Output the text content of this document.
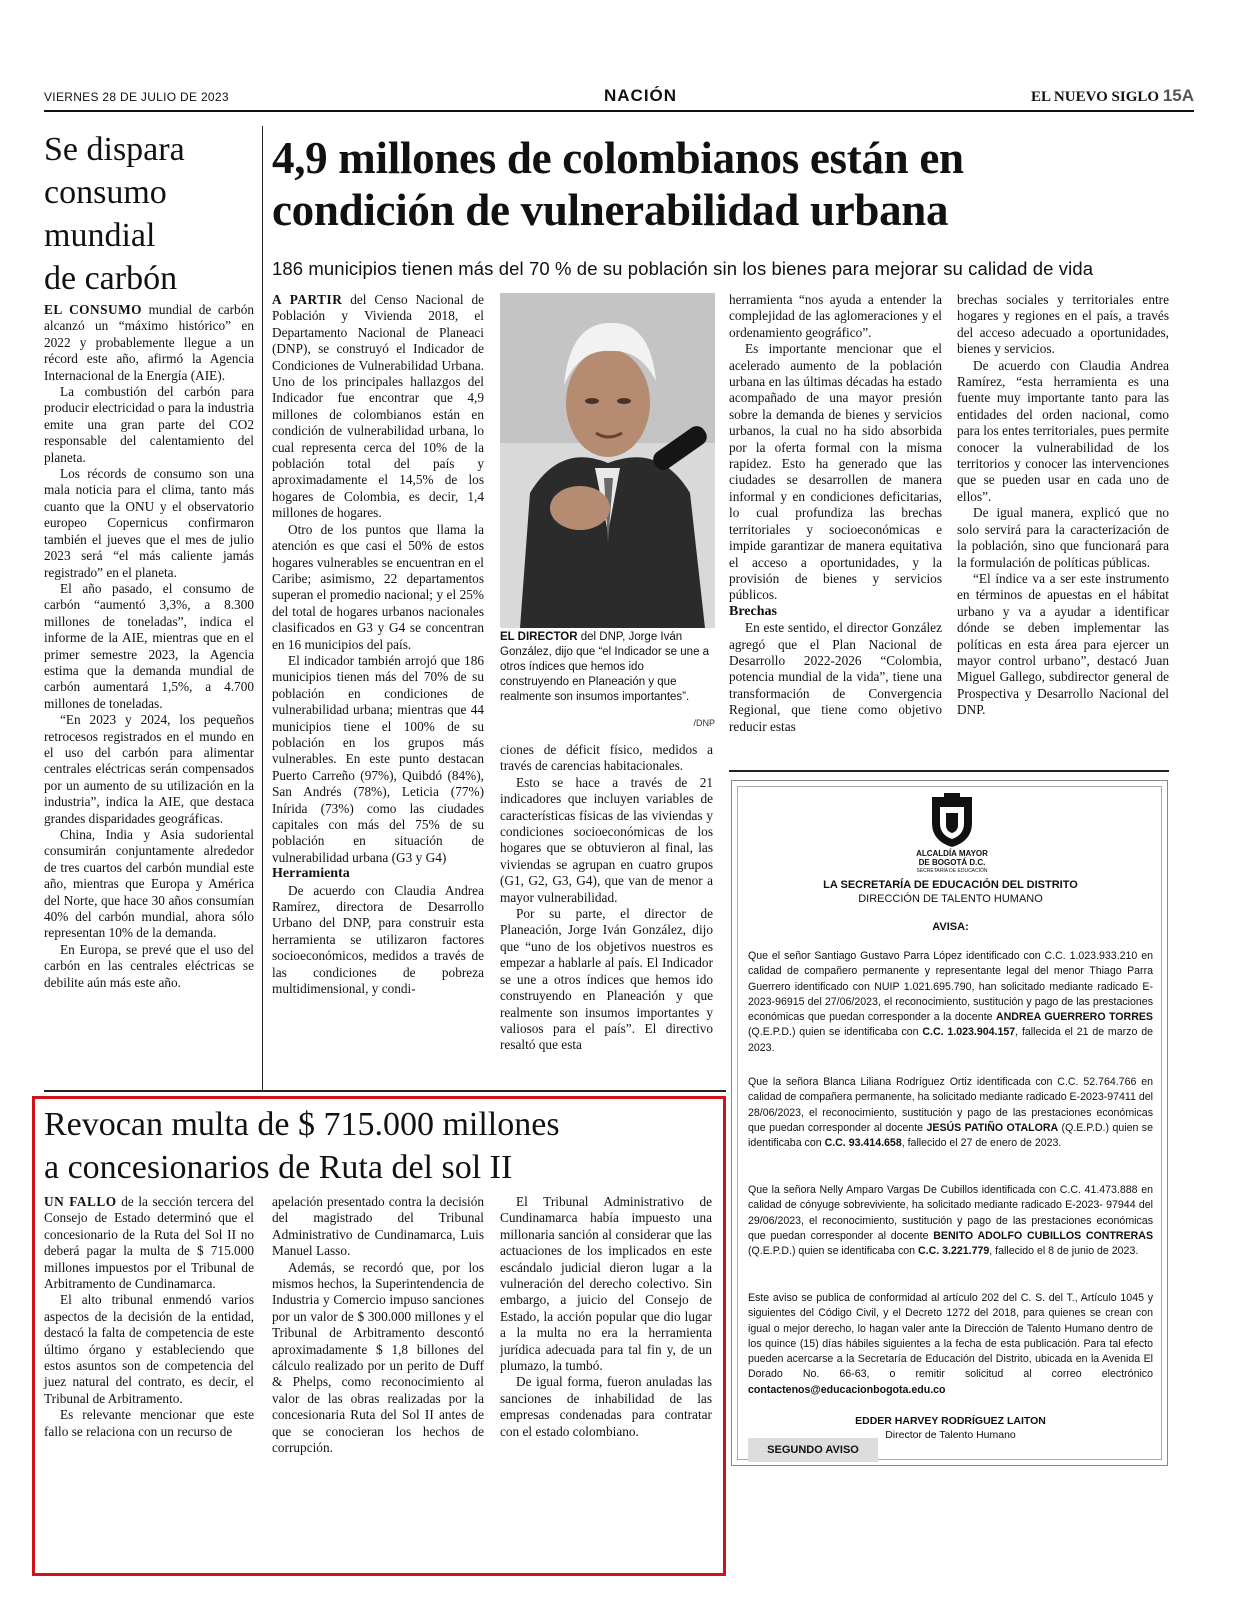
VIERNES 28 DE JULIO DE 2023	NACIÓN	EL NUEVO SIGLO 15A
Se dispara
consumo
mundial
de carbón

EL CONSUMO mundial de carbón alcanzó un “máximo histórico” en 2022 y probablemente llegue a un récord este año, afirmó la Agencia Internacional de la Energía (AIE).

La combustión del carbón para producir electricidad o para la industria emite una gran parte del CO2 responsable del calentamiento del planeta.

Los récords de consumo son una mala noticia para el clima, tanto más cuanto que la ONU y el observatorio europeo Copernicus confirmaron también el jueves que el mes de julio 2023 será “el más caliente jamás registrado” en el planeta.

El año pasado, el consumo de carbón “aumentó 3,3%, a 8.300 millones de toneladas”, indica el informe de la AIE, mientras que en el primer semestre 2023, la Agencia estima que la demanda mundial de carbón aumentará 1,5%, a 4.700 millones de toneladas.

“En 2023 y 2024, los pequeños retrocesos registrados en el mundo en el uso del carbón para alimentar centrales eléctricas serán compensados por un aumento de su utilización en la industria”, indica la AIE, que destaca grandes disparidades geográficas.

China, India y Asia sudoriental consumirán conjuntamente alrededor de tres cuartos del carbón mundial este año, mientras que Europa y América del Norte, que hace 30 años consumían 40% del carbón mundial, ahora sólo representan 10% de la demanda.

En Europa, se prevé que el uso del carbón en las centrales eléctricas se debilite aún más este año.

4,9 millones de colombianos están en
condición de vulnerabilidad urbana
186 municipios tienen más del 70 % de su población sin los bienes para mejorar su calidad de vida

A PARTIR del Censo Nacional de Población y Vivienda 2018, el Departamento Nacional de Planeaci (DNP), se construyó el Indicador de Condiciones de Vulnerabilidad Urbana. Uno de los principales hallazgos del Indicador fue encontrar que 4,9 millones de colombianos están en condición de vulnerabilidad urbana, lo cual representa cerca del 10% de la población total del país y aproximadamente el 14,5% de los hogares de Colombia, es decir, 1,4 millones de hogares.

Otro de los puntos que llama la atención es que casi el 50% de estos hogares vulnerables se encuentran en el Caribe; asimismo, 22 departamentos superan el promedio nacional; y el 25% del total de hogares urbanos nacionales clasificados en G3 y G4 se concentran en 16 municipios del país.

El indicador también arrojó que 186 municipios tienen más del 70% de su población en condiciones de vulnerabilidad urbana; mientras que 44 municipios tiene el 100% de su población en los grupos más vulnerables. En este punto destacan Puerto Carreño (97%), Quibdó (84%), San Andrés (78%), Leticia (77%) Inírida (73%) como las ciudades capitales con más del 75% de su población en situación de vulnerabilidad urbana (G3 y G4)

Herramienta

De acuerdo con Claudia Andrea Ramírez, directora de Desarrollo Urbano del DNP, para construir esta herramienta se utilizaron factores socioeconómicos, medidos a través de las condiciones de pobreza multidimensional, y condi-

/DNP
EL DIRECTOR del DNP, Jorge Iván González, dijo que “el Indicador se une a otros índices que hemos ido construyendo en Planeación y que realmente son insumos importantes”.

ciones de déficit físico, medidos a través de carencias habitacionales.

Esto se hace a través de 21 indicadores que incluyen variables de características físicas de las viviendas y condiciones socioeconómicas de los hogares que se obtuvieron al final, las viviendas se agrupan en cuatro grupos (G1, G2, G3, G4), que van de menor a mayor vulnerabilidad.

Por su parte, el director de Planeación, Jorge Iván González, dijo que “uno de los objetivos nuestros es empezar a hablarle al país. El Indicador se une a otros índices que hemos ido construyendo en Planeación y que realmente son insumos importantes y valiosos para el país”. El directivo resaltó que esta

herramienta “nos ayuda a entender la complejidad de las aglomeraciones y el ordenamiento geográfico”.

Es importante mencionar que el acelerado aumento de la población urbana en las últimas décadas ha estado acompañado de una mayor presión sobre la demanda de bienes y servicios urbanos, la cual no ha sido absorbida por la oferta formal con la misma rapidez. Esto ha generado que las ciudades se desarrollen de manera informal y en condiciones deficitarias, lo cual profundiza las brechas territoriales y socioeconómicas e impide garantizar de manera equitativa el acceso a oportunidades, y la provisión de bienes y servicios públicos.

Brechas

En este sentido, el director González agregó que el Plan Nacional de Desarrollo 2022-2026 “Colombia, potencia mundial de la vida”, tiene una transformación de Convergencia Regional, que tiene como objetivo reducir estas

brechas sociales y territoriales entre hogares y regiones en el país, a través del acceso adecuado a oportunidades, bienes y servicios.

De acuerdo con Claudia Andrea Ramírez, “esta herramienta es una fuente muy importante tanto para las entidades del orden nacional, como para los entes territoriales, pues permite conocer la vulnerabilidad de los territorios y conocer las intervenciones que se pueden usar en cada uno de ellos”.

De igual manera, explicó que no solo servirá para la caracterización de la población, sino que funcionará para la formulación de políticas públicas.

“El índice va a ser este instrumento en términos de apuestas en el hábitat urbano y va a ayudar a identificar dónde se deben implementar las políticas en esta área para ejercer un mayor control urbano”, destacó Juan Miguel Gallego, subdirector general de Prospectiva y Desarrollo Nacional del DNP.

Revocan multa de $ 715.000 millones
a concesionarios de Ruta del sol II

UN FALLO de la sección tercera del Consejo de Estado determinó que el concesionario de la Ruta del Sol II no deberá pagar la multa de $ 715.000 millones impuestos por el Tribunal de Arbitramento de Cundinamarca.

El alto tribunal enmendó varios aspectos de la decisión de la entidad, destacó la falta de competencia de este último órgano y estableciendo que estos asuntos son de competencia del juez natural del contrato, es decir, el Tribunal de Arbitramento.

Es relevante mencionar que este fallo se relaciona con un recurso de

apelación presentado contra la decisión del magistrado del Tribunal Administrativo de Cundinamarca, Luis Manuel Lasso.

Además, se recordó que, por los mismos hechos, la Superintendencia de Industria y Comercio impuso sanciones por un valor de $ 300.000 millones y el Tribunal de Arbitramento descontó aproximadamente $ 1,8 billones del cálculo realizado por un perito de Duff & Phelps, como reconocimiento al valor de las obras realizadas por la concesionaria Ruta del Sol II antes de que se conocieran los hechos de corrupción.

El Tribunal Administrativo de Cundinamarca había impuesto una millonaria sanción al considerar que las actuaciones de los implicados en este escándalo judicial dieron lugar a la vulneración del derecho colectivo. Sin embargo, a juicio del Consejo de Estado, la acción popular que dio lugar a la multa no era la herramienta jurídica adecuada para tal fin y, de un plumazo, la tumbó.

De igual forma, fueron anuladas las sanciones de inhabilidad de las empresas condenadas para contratar con el estado colombiano.

ALCALDÍA MAYOR
DE BOGOTÁ D.C.
SECRETARÍA DE EDUCACIÓN
LA SECRETARÍA DE EDUCACIÓN DEL DISTRITO
DIRECCIÓN DE TALENTO HUMANO
AVISA:
Que el señor Santiago Gustavo Parra López identificado con C.C. 1.023.933.210 en calidad de compañero permanente y representante legal del menor Thiago Parra Guerrero identificado con NUIP 1.021.695.790, han solicitado mediante radicado E-2023-96915 del 27/06/2023, el reconocimiento, sustitución y pago de las prestaciones económicas que puedan corresponder a la docente ANDREA GUERRERO TORRES (Q.E.P.D.) quien se identificaba con C.C. 1.023.904.157, fallecida el 21 de marzo de 2023.
Que la señora Blanca Liliana Rodríguez Ortiz identificada con C.C. 52.764.766 en calidad de compañera permanente, ha solicitado mediante radicado E-2023-97411 del 28/06/2023, el reconocimiento, sustitución y pago de las prestaciones económicas que puedan corresponder al docente JESÚS PATIÑO OTALORA (Q.E.P.D.) quien se identificaba con C.C. 93.414.658, fallecido el 27 de enero de 2023.
Que la señora Nelly Amparo Vargas De Cubillos identificada con C.C. 41.473.888 en calidad de cónyuge sobreviviente, ha solicitado mediante radicado E-2023- 97944 del 29/06/2023, el reconocimiento, sustitución y pago de las prestaciones económicas que puedan corresponder al docente BENITO ADOLFO CUBILLOS CONTRERAS (Q.E.P.D.) quien se identificaba con C.C. 3.221.779, fallecido el 8 de junio de 2023.
Este aviso se publica de conformidad al artículo 202 del C. S. del T., Artículo 1045 y siguientes del Código Civil, y el Decreto 1272 del 2018, para quienes se crean con igual o mejor derecho, lo hagan valer ante la Dirección de Talento Humano dentro de los quince (15) días hábiles siguientes a la fecha de esta publicación. Para tal efecto pueden acercarse a la Secretaría de Educación del Distrito, ubicada en la Avenida El Dorado No. 66-63, o remitir solicitud al correo electrónico contactenos@educacionbogota.edu.co
EDDER HARVEY RODRÍGUEZ LAITON
Director de Talento Humano
SEGUNDO AVISO
